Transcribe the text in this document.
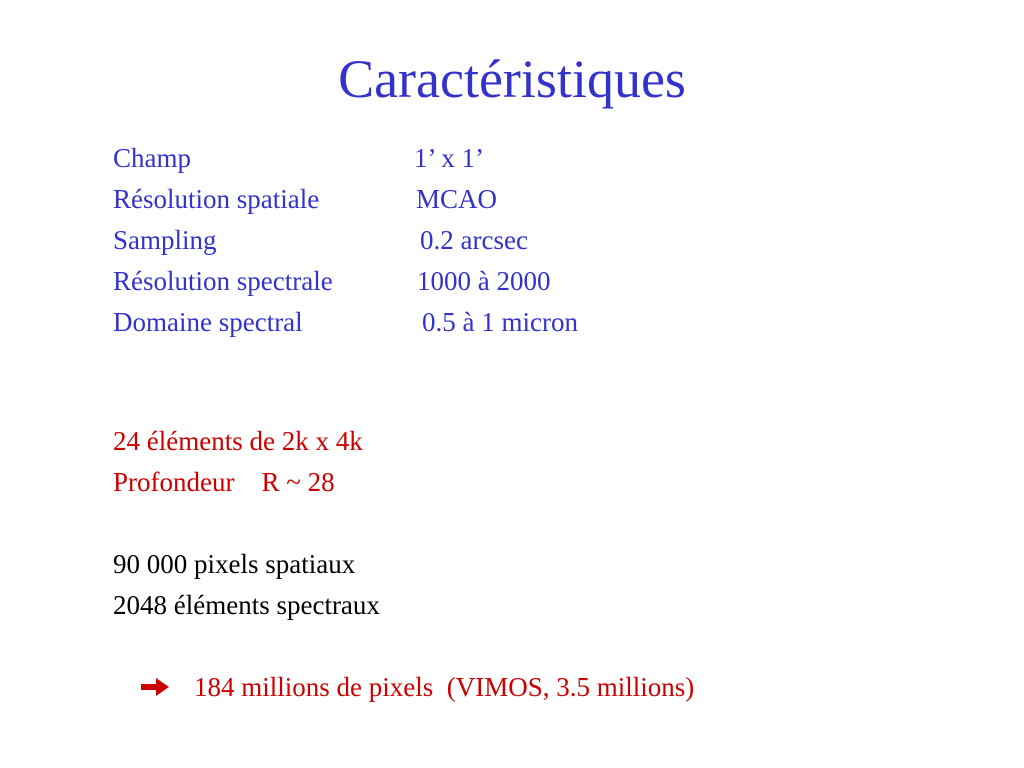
Caractéristiques
Champ	1’ x 1’
Résolution spatiale	MCAO
Sampling	0.2 arcsec
Résolution spectrale	1000 à 2000
Domaine spectral	0.5 à 1 micron
24 éléments de 2k x 4k
Profondeur    R ~ 28
90 000 pixels spatiaux
2048 éléments spectraux

184 millions de pixels  (VIMOS, 3.5 millions)
